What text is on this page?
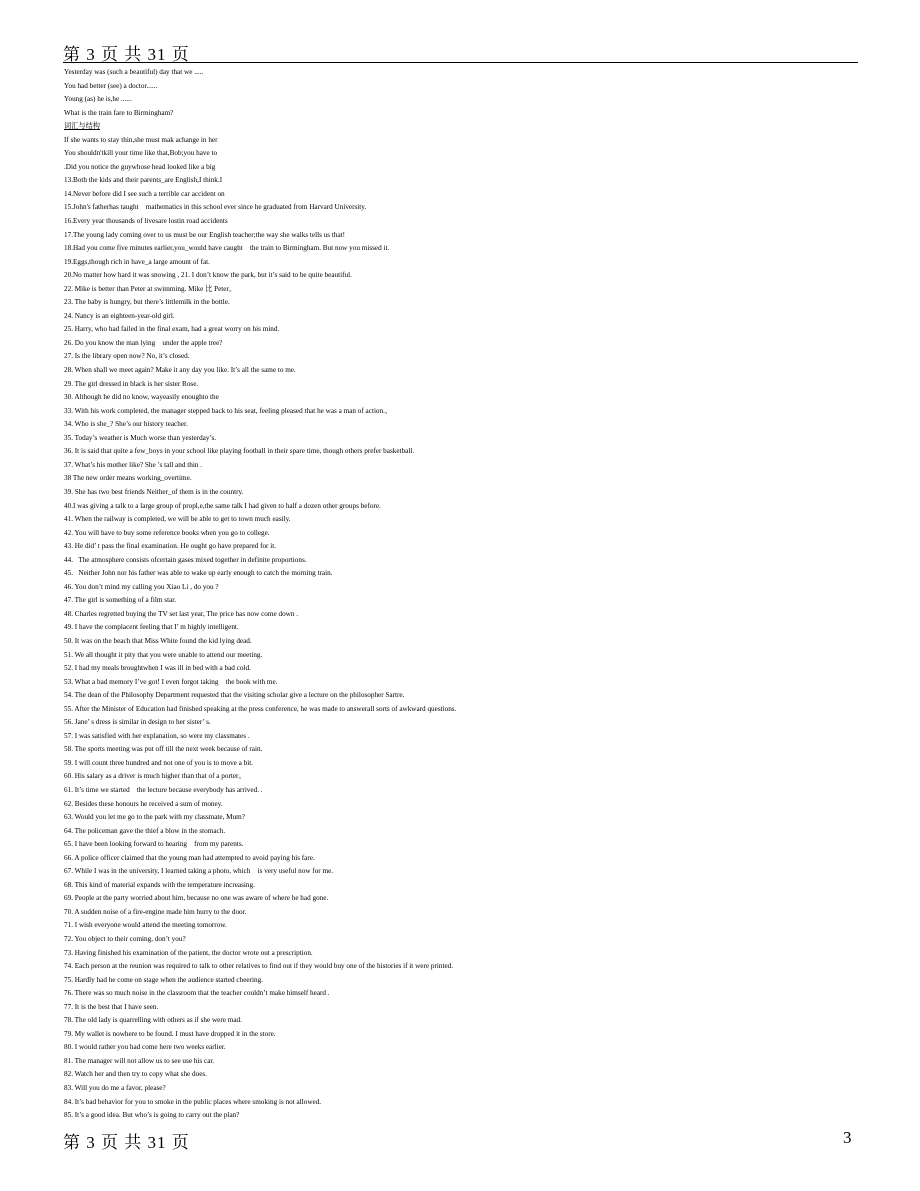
第 3 页 共 31 页
Yesterday was (such a beautiful) day that we .....
You had better (see) a doctor......
Young (as) he is,he ......
What is the train fare to Birmingham?
词汇与结构
If she wants to stay thin,she must mak achange in her
You shouldn'tkill your time like that,Bob;you have to
.Did you notice the guywhose head looked like a big
13.Both the kids and their parents_are English,I think.I
14.Never before did I see such a terrible car accident on
15.John's fatherhas taught    mathematics in this school ever since he graduated from Harvard University.
16.Every year thousands of livesare lostin road accidents
17.The young lady coming over to us must be our English teacher;the way she walks tells us that!
18.Had you come five minutes earlier,you_would have caught    the train to Birmingham. But now you missed it.
19.Eggs,though rich in have_a large amount of fat.
20.No matter how hard it was snowing , 21. I don’t know the park, but it’s said to be quite beautiful.
22. Mike is better than Peter at swimming. Mike 比 Peter。
23. The baby is hungry, but there’s littlemilk in the bottle.
24. Nancy is an eighteen-year-old girl.
25. Harry, who had failed in the final exam, had a great worry on his mind.
26. Do you know the man lying    under the apple tree?
27. Is the library open now? No, it’s closed.
28. When shall we meet again? Make it any day you like. It’s all the same to me.
29. The girl dressed in black is her sister Rose.
30. Although he did no know, wayeasily enoughto the
33. With his work completed, the manager stepped back to his seat, feeling pleased that he was a man of action.、
34. Who is she_? She’s our history teacher.
35. Today’s weather is Much worse than yesterday’s.
36. It is said that quite a few_boys in your school like playing football in their spare time, though others prefer basketball.
37. What’s his mother like? She ’s tall and thin .
38 The new order means working_overtime.
39. She has two best friends Neither_of them is in the country.
40.I was giving a talk to a large group of propl,e,the same talk I had given to half a dozen other groups before.
41. When the railway is completed, we will be able to get to town much easily.
42. You will have to buy some reference books when you go to college.
43. He did’ t pass the final examination. He ought go have prepared for it.
44.   The atmosphere consists ofcertain gases mixed together in definite proportions.
45.   Neither John nor his father was able to wake up early enough to catch the morning train.
46. You don’t mind my calling you Xiao Li , do you ?
47. The girl is something of a film star.
48. Charles regretted buying the TV set last year, The price has now come down .
49. I have the complacent feeling that I’ m highly intelligent.
50. It was on the beach that Miss White found the kid lying dead.
51. We all thought it pity that you were unable to attend our meeting.
52. I had my meals broughtwhen I was ill in bed with a bad cold.
53. What a bad memory I’ve got! I even forgot taking    the book with me.
54. The dean of the Philosophy Department requested that the visiting scholar give a lecture on the philosopher Sartre.
55. After the Minister of Education had finished speaking at the press conference, he was made to answerall sorts of awkward questions.
56. Jane’ s dress is similar in design to her sister’ s.
57. I was satisfied with her explanation, so were my classmates .
58. The sports meeting was put off till the next week because of rain.
59. I will count three hundred and not one of you is to move a bit.
60. His salary as a driver is much higher than that of a porter。
61. It’s time we started    the lecture because everybody has arrived. .
62. Besides these honours he received a sum of money.
63. Would you let me go to the park with my classmate, Mum?
64. The policeman gave the thief a blow in the stomach.
65. I have been looking forward to hearing    from my parents.
66. A police officer claimed that the young man had attempted to avoid paying his fare.
67. While I was in the university, I learned taking a photo, which    is very useful now for me.
68. This kind of material expands with the temperature increasing.
69. People at the party worried about him, because no one was aware of where he had gone.
70. A sudden noise of a fire-engine made him hurry to the door.
71. I wish everyone would attend the meeting tomorrow.
72. You object to their coming, don’t you?
73. Having finished his examination of the patient, the doctor wrote out a prescription.
74. Each person at the reunion was required to talk to other relatives to find out if they would buy one of the histories if it were printed.
75. Hardly had he come on stage when the audience started cheering.
76. There was so much noise in the classroom that the teacher couldn’t make himself heard .
77. It is the best that I have seen.
78. The old lady is quarrelling with others as if she were mad.
79. My wallet is nowhere to be found. I must have dropped it in the store.
80. I would rather you had come here two weeks earlier.
81. The manager will not allow us to see use his car.
82. Watch her and then try to copy what she does.
83. Will you do me a favor, please?
84. It’s bad behavior for you to smoke in the public places where smoking is not allowed.
85. It’s a good idea. But who’s is going to carry out the plan?
第 3 页 共 31 页	3
